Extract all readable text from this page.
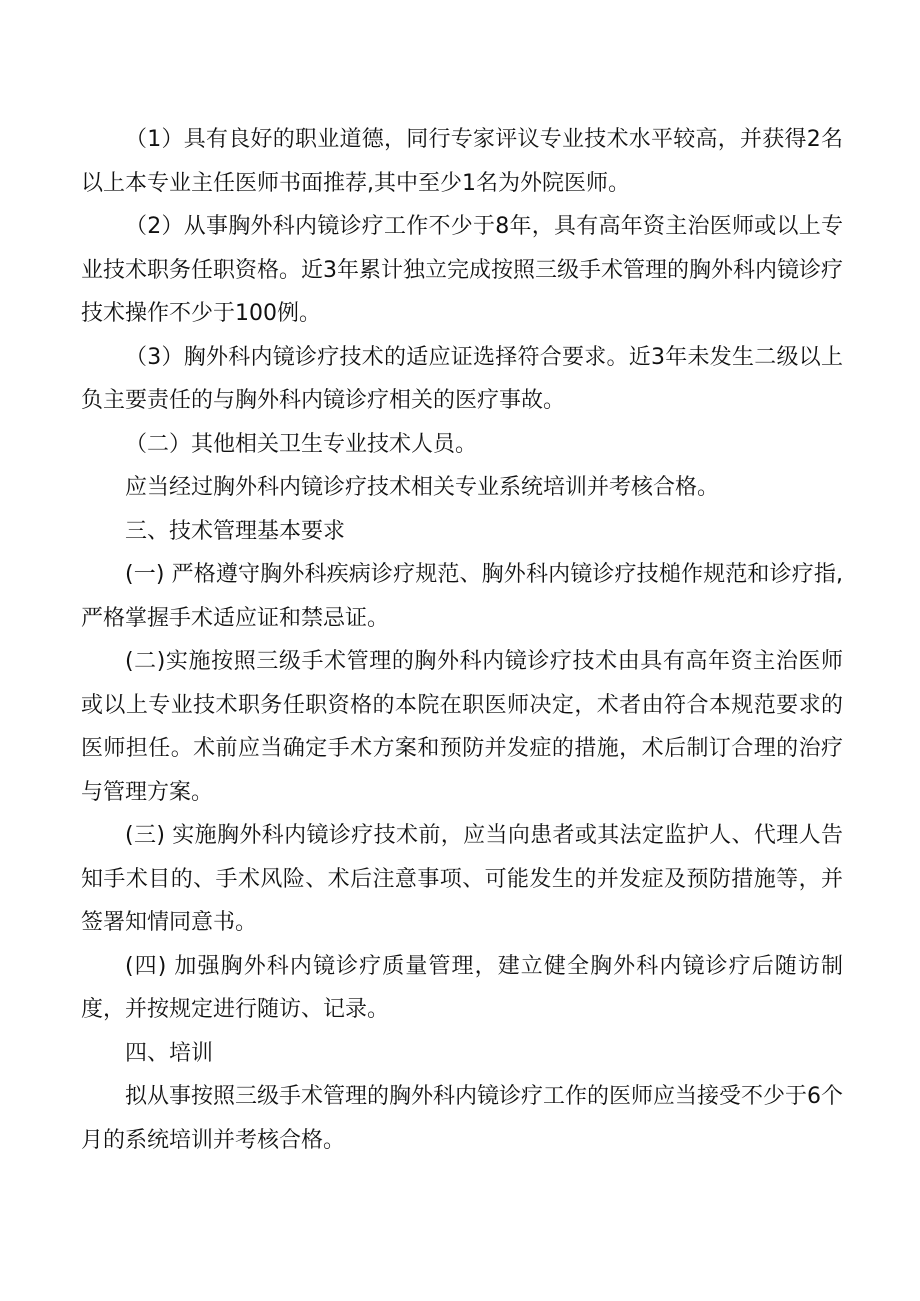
（1）具有良好的职业道德，同行专家评议专业技术水平较高，并获得2名以上本专业主任医师书面推荐,其中至少1名为外院医师。

（2）从事胸外科内镜诊疗工作不少于8年，具有高年资主治医师或以上专业技术职务任职资格。近3年累计独立完成按照三级手术管理的胸外科内镜诊疗技术操作不少于100例。

（3）胸外科内镜诊疗技术的适应证选择符合要求。近3年未发生二级以上负主要责任的与胸外科内镜诊疗相关的医疗事故。

（二）其他相关卫生专业技术人员。

应当经过胸外科内镜诊疗技术相关专业系统培训并考核合格。

三、技术管理基本要求

(一) 严格遵守胸外科疾病诊疗规范、胸外科内镜诊疗技槌作规范和诊疗指,严格掌握手术适应证和禁忌证。

(二)实施按照三级手术管理的胸外科内镜诊疗技术由具有高年资主治医师或以上专业技术职务任职资格的本院在职医师决定，术者由符合本规范要求的医师担任。术前应当确定手术方案和预防并发症的措施，术后制订合理的治疗与管理方案。

(三) 实施胸外科内镜诊疗技术前，应当向患者或其法定监护人、代理人告知手术目的、手术风险、术后注意事项、可能发生的并发症及预防措施等，并签署知情同意书。

(四) 加强胸外科内镜诊疗质量管理，建立健全胸外科内镜诊疗后随访制度，并按规定进行随访、记录。

四、培训

拟从事按照三级手术管理的胸外科内镜诊疗工作的医师应当接受不少于6个月的系统培训并考核合格。
